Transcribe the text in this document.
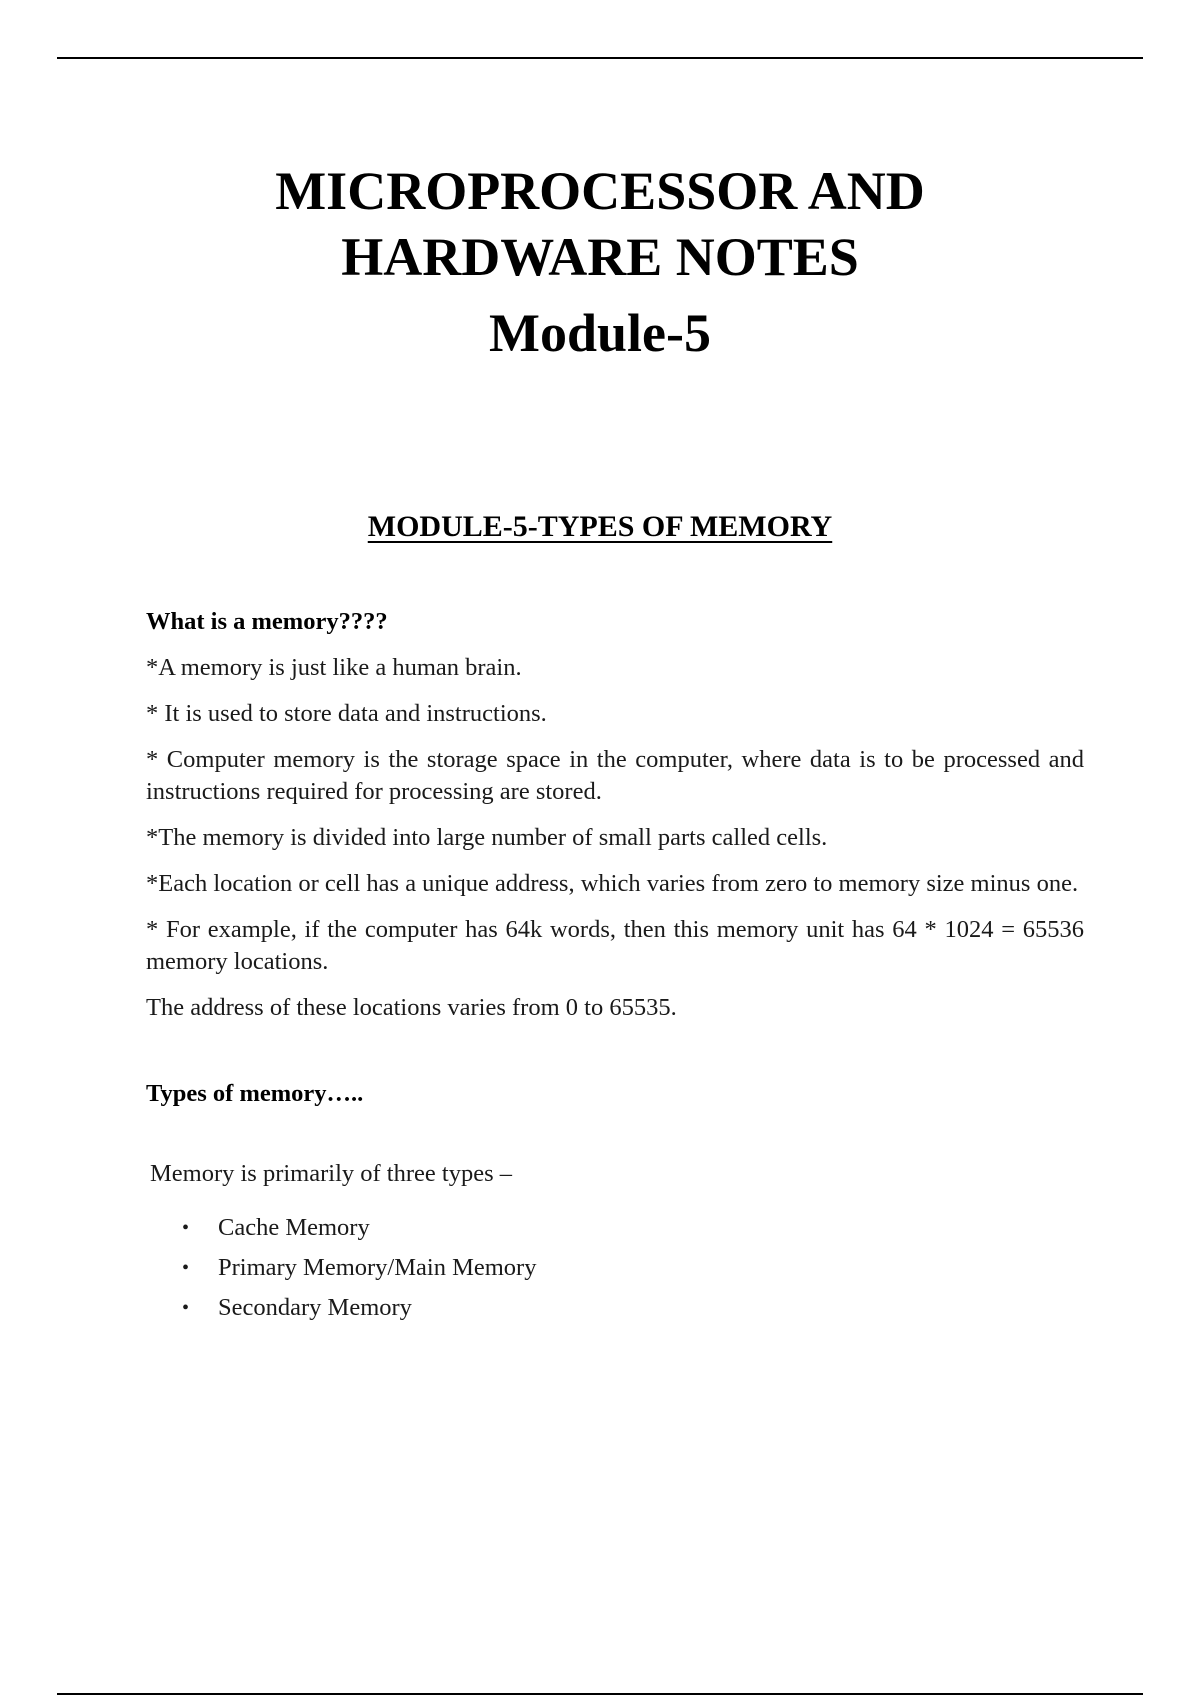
MICROPROCESSOR AND
HARDWARE NOTES
Module-5
MODULE-5-TYPES OF MEMORY

What is a memory????

*A memory is just like a human brain.

* It is used to store data and instructions.

* Computer memory is the storage space in the computer, where data is to be processed and instructions required for processing are stored.

*The memory is divided into large number of small parts called cells.

*Each location or cell has a unique address, which varies from zero to memory size minus one.

* For example, if the computer has 64k words, then this memory unit has 64 * 1024 = 65536 memory locations.

The address of these locations varies from 0 to 65535.

Types of memory…..

Memory is primarily of three types –

• Cache Memory
• Primary Memory/Main Memory
• Secondary Memory
